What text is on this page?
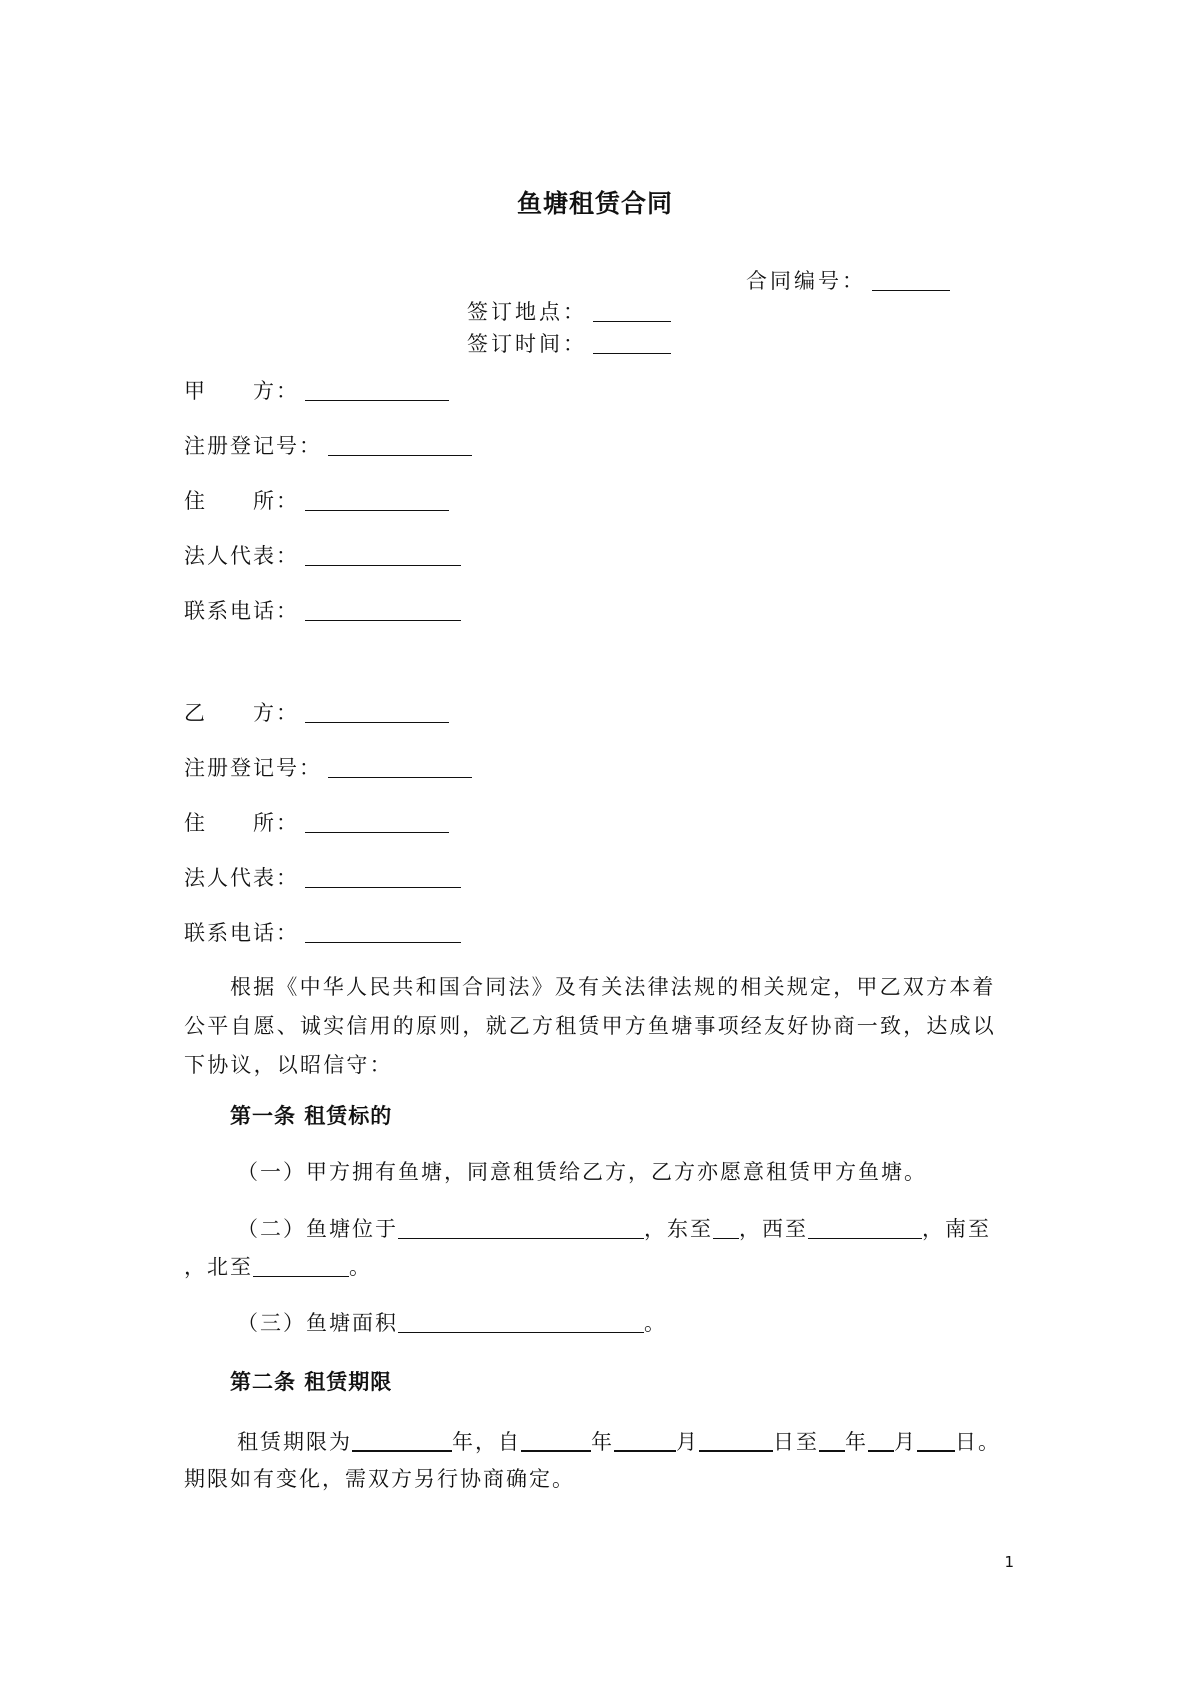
鱼塘租赁合同
合同编号：
签订地点：
签订时间：
甲　　方：
注册登记号：
住　　所：
法人代表：
联系电话：
乙　　方：
注册登记号：
住　　所：
法人代表：
联系电话：

根据《中华人民共和国合同法》及有关法律法规的相关规定，甲乙双方本着公平自愿、诚实信用的原则，就乙方租赁甲方鱼塘事项经友好协商一致，达成以下协议，以昭信守：

第一条 租赁标的
（一）甲方拥有鱼塘，同意租赁给乙方，乙方亦愿意租赁甲方鱼塘。
（二）鱼塘位于	，东至 ，西至	，南至
，北至	。
（三）鱼塘面积	。
第二条 租赁期限
租赁期限为	年，自	年	月	日至 年 月 日。
期限如有变化，需双方另行协商确定。
1
